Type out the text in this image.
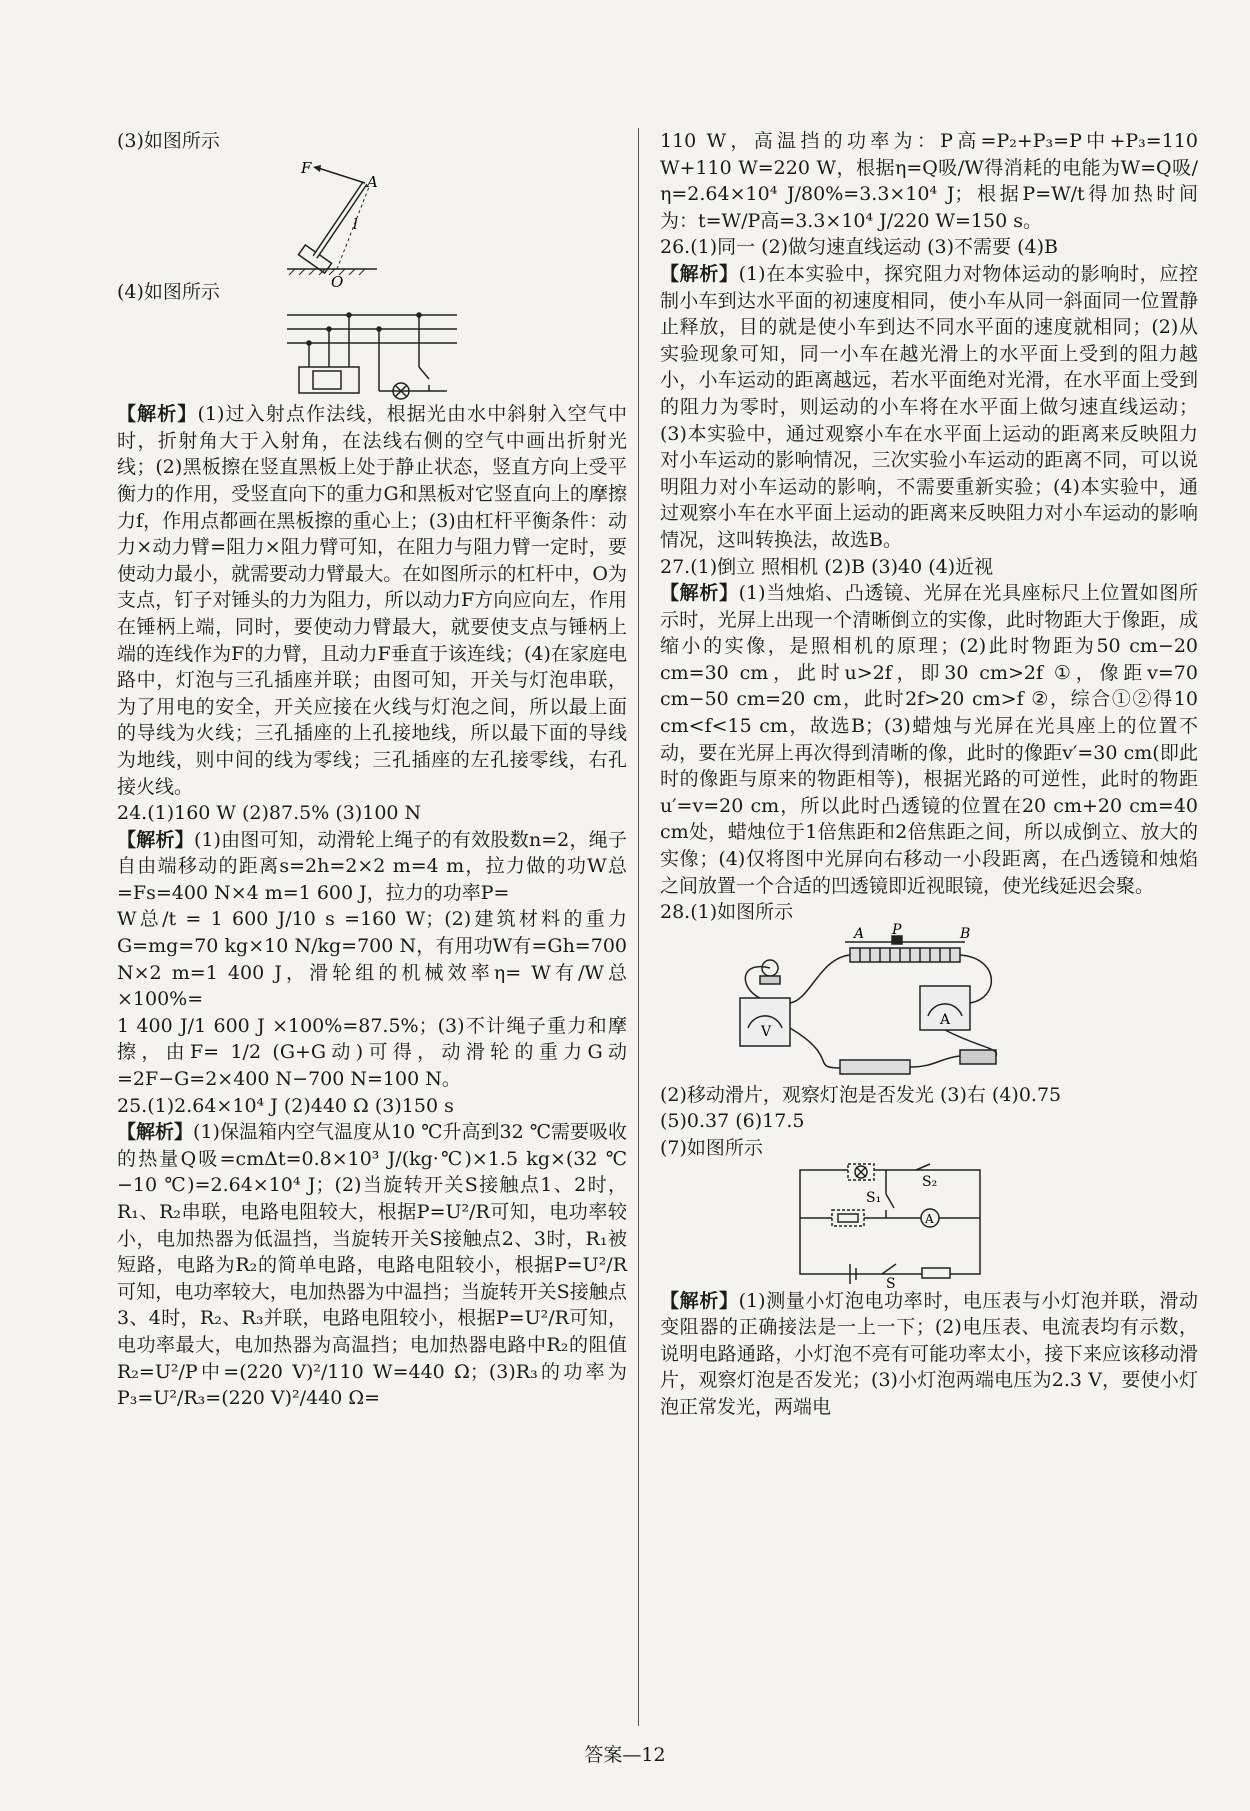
(3)如图所示

F
A
l
O

(4)如图所示

【解析】(1)过入射点作法线，根据光由水中斜射入空气中时，折射角大于入射角，在法线右侧的空气中画出折射光线；(2)黑板擦在竖直黑板上处于静止状态，竖直方向上受平衡力的作用，受竖直向下的重力G和黑板对它竖直向上的摩擦力f，作用点都画在黑板擦的重心上；(3)由杠杆平衡条件：动力×动力臂=阻力×阻力臂可知，在阻力与阻力臂一定时，要使动力最小，就需要动力臂最大。在如图所示的杠杆中，O为支点，钉子对锤头的力为阻力，所以动力F方向应向左，作用在锤柄上端，同时，要使动力臂最大，就要使支点与锤柄上端的连线作为F的力臂，且动力F垂直于该连线；(4)在家庭电路中，灯泡与三孔插座并联；由图可知，开关与灯泡串联，为了用电的安全，开关应接在火线与灯泡之间，所以最上面的导线为火线；三孔插座的上孔接地线，所以最下面的导线为地线，则中间的线为零线；三孔插座的左孔接零线，右孔接火线。

24.(1)160 W (2)87.5% (3)100 N

【解析】(1)由图可知，动滑轮上绳子的有效股数n=2，绳子自由端移动的距离s=2h=2×2 m=4 m，拉力做的功W总=Fs=400 N×4 m=1 600 J，拉力的功率P=

W总/t = 1 600 J/10 s =160 W；(2)建筑材料的重力G=mg=70 kg×10 N/kg=700 N，有用功W有=Gh=700 N×2 m=1 400 J，滑轮组的机械效率η= W有/W总 ×100%=

1 400 J/1 600 J ×100%=87.5%；(3)不计绳子重力和摩擦，由F= 1/2 (G+G动)可得，动滑轮的重力G动=2F−G=2×400 N−700 N=100 N。

25.(1)2.64×10⁴ J (2)440 Ω (3)150 s

【解析】(1)保温箱内空气温度从10 ℃升高到32 ℃需要吸收的热量Q吸=cmΔt=0.8×10³ J/(kg·℃)×1.5 kg×(32 ℃−10 ℃)=2.64×10⁴ J；(2)当旋转开关S接触点1、2时，R₁、R₂串联，电路电阻较大，根据P=U²/R可知，电功率较小，电加热器为低温挡，当旋转开关S接触点2、3时，R₁被短路，电路为R₂的简单电路，电路电阻较小，根据P=U²/R可知，电功率较大，电加热器为中温挡；当旋转开关S接触点3、4时，R₂、R₃并联，电路电阻较小，根据P=U²/R可知，电功率最大，电加热器为高温挡；电加热器电路中R₂的阻值R₂=U²/P中=(220 V)²/110 W=440 Ω；(3)R₃的功率为P₃=U²/R₃=(220 V)²/440 Ω=

110 W，高温挡的功率为：P高=P₂+P₃=P中+P₃=110 W+110 W=220 W，根据η=Q吸/W得消耗的电能为W=Q吸/η=2.64×10⁴ J/80%=3.3×10⁴ J；根据P=W/t得加热时间为：t=W/P高=3.3×10⁴ J/220 W=150 s。

26.(1)同一 (2)做匀速直线运动 (3)不需要 (4)B

【解析】(1)在本实验中，探究阻力对物体运动的影响时，应控制小车到达水平面的初速度相同，使小车从同一斜面同一位置静止释放，目的就是使小车到达不同水平面的速度就相同；(2)从实验现象可知，同一小车在越光滑上的水平面上受到的阻力越小，小车运动的距离越远，若水平面绝对光滑，在水平面上受到的阻力为零时，则运动的小车将在水平面上做匀速直线运动；(3)本实验中，通过观察小车在水平面上运动的距离来反映阻力对小车运动的影响情况，三次实验小车运动的距离不同，可以说明阻力对小车运动的影响，不需要重新实验；(4)本实验中，通过观察小车在水平面上运动的距离来反映阻力对小车运动的影响情况，这叫转换法，故选B。

27.(1)倒立 照相机 (2)B (3)40 (4)近视

【解析】(1)当烛焰、凸透镜、光屏在光具座标尺上位置如图所示时，光屏上出现一个清晰倒立的实像，此时物距大于像距，成缩小的实像，是照相机的原理；(2)此时物距为50 cm−20 cm=30 cm，此时u>2f，即30 cm>2f ①，像距v=70 cm−50 cm=20 cm，此时2f>20 cm>f ②，综合①②得10 cm<f<15 cm，故选B；(3)蜡烛与光屏在光具座上的位置不动，要在光屏上再次得到清晰的像，此时的像距v′=30 cm(即此时的像距与原来的物距相等)，根据光路的可逆性，此时的物距u′=v=20 cm，所以此时凸透镜的位置在20 cm+20 cm=40 cm处，蜡烛位于1倍焦距和2倍焦距之间，所以成倒立、放大的实像；(4)仅将图中光屏向右移动一小段距离，在凸透镜和烛焰之间放置一个合适的凹透镜即近视眼镜，使光线延迟会聚。

28.(1)如图所示

A P	B
V
A

(2)移动滑片，观察灯泡是否发光 (3)右 (4)0.75

(5)0.37 (6)17.5

(7)如图所示

A
S₁
S₂
S

【解析】(1)测量小灯泡电功率时，电压表与小灯泡并联，滑动变阻器的正确接法是一上一下；(2)电压表、电流表均有示数，说明电路通路，小灯泡不亮有可能功率太小，接下来应该移动滑片，观察灯泡是否发光；(3)小灯泡两端电压为2.3 V，要使小灯泡正常发光，两端电

答案—12
